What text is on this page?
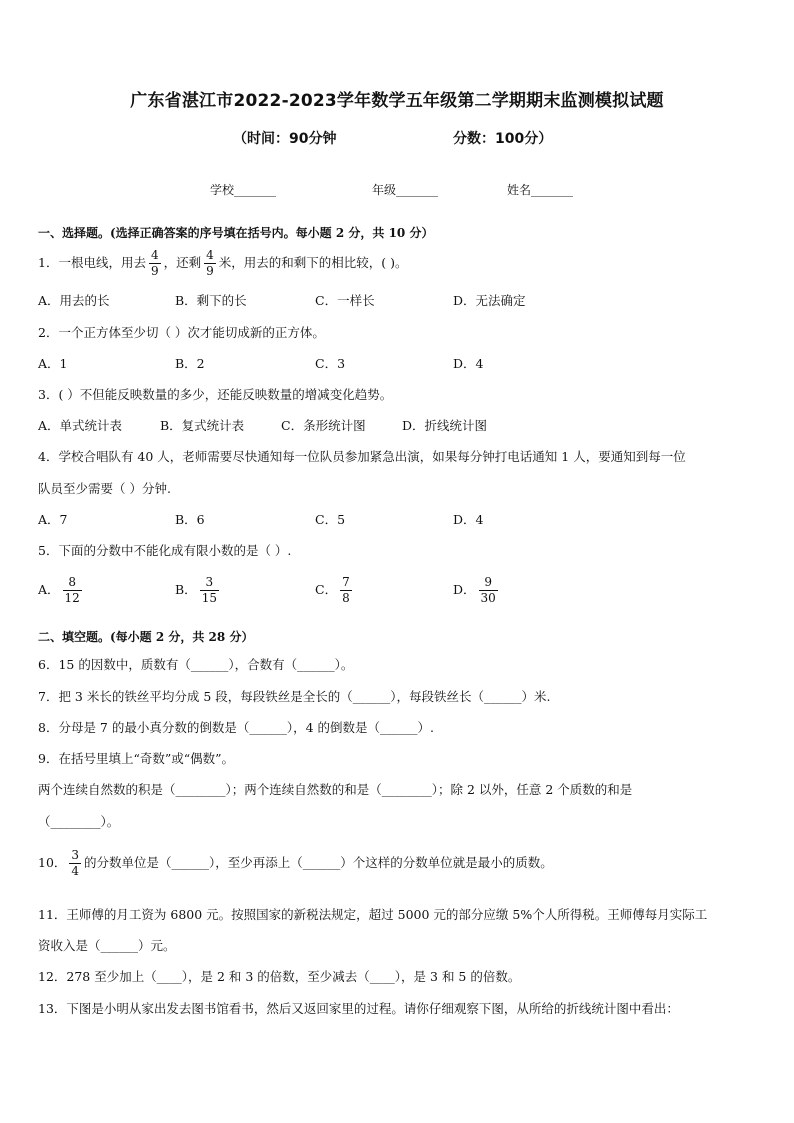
广东省湛江市2022-2023学年数学五年级第二学期期末监测模拟试题
（时间：90分钟	分数：100分）
学校_______	年级_______	姓名_______
一、选择题。(选择正确答案的序号填在括号内。每小题 2 分，共 10 分）
1．一根电线，用去 $\frac{4}{9}$ ，还剩 $\frac{4}{9}$ 米，用去的和剩下的相比较，( )。
A．用去的长	B．剩下的长	C．一样长	D．无法确定
2．一个正方体至少切（ ）次才能切成新的正方体。
A．1	B．2	C．3	D．4
3．( ）不但能反映数量的多少，还能反映数量的增减变化趋势。
A．单式统计表	B．复式统计表	C．条形统计图	D．折线统计图
4．学校合唱队有 40 人，老师需要尽快通知每一位队员参加紧急出演，如果每分钟打电话通知 1 人，要通知到每一位
队员至少需要（ ）分钟.
A．7	B．6	C．5	D．4
5．下面的分数中不能化成有限小数的是（ ）.
A． $\frac{8}{12}$	B． $\frac{3}{15}$	C． $\frac{7}{8}$	D． $\frac{9}{30}$
二、填空题。(每小题 2 分，共 28 分）
6．15 的因数中，质数有（______），合数有（______）。
7．把 3 米长的铁丝平均分成 5 段，每段铁丝是全长的（______），每段铁丝长（______）米.
8．分母是 7 的最小真分数的倒数是（______），4 的倒数是（______）.
9．在括号里填上“奇数”或“偶数”。
两个连续自然数的积是（________）；两个连续自然数的和是（________）；除 2 以外，任意 2 个质数的和是
（________）。
10． $\frac{3}{4}$ 的分数单位是（______），至少再添上（______）个这样的分数单位就是最小的质数。
11．王师傅的月工资为 6800 元。按照国家的新税法规定，超过 5000 元的部分应缴 5%个人所得税。王师傅每月实际工
资收入是（______）元。
12．278 至少加上（____），是 2 和 3 的倍数，至少减去（____），是 3 和 5 的倍数。
13．下图是小明从家出发去图书馆看书，然后又返回家里的过程。请你仔细观察下图，从所给的折线统计图中看出：
